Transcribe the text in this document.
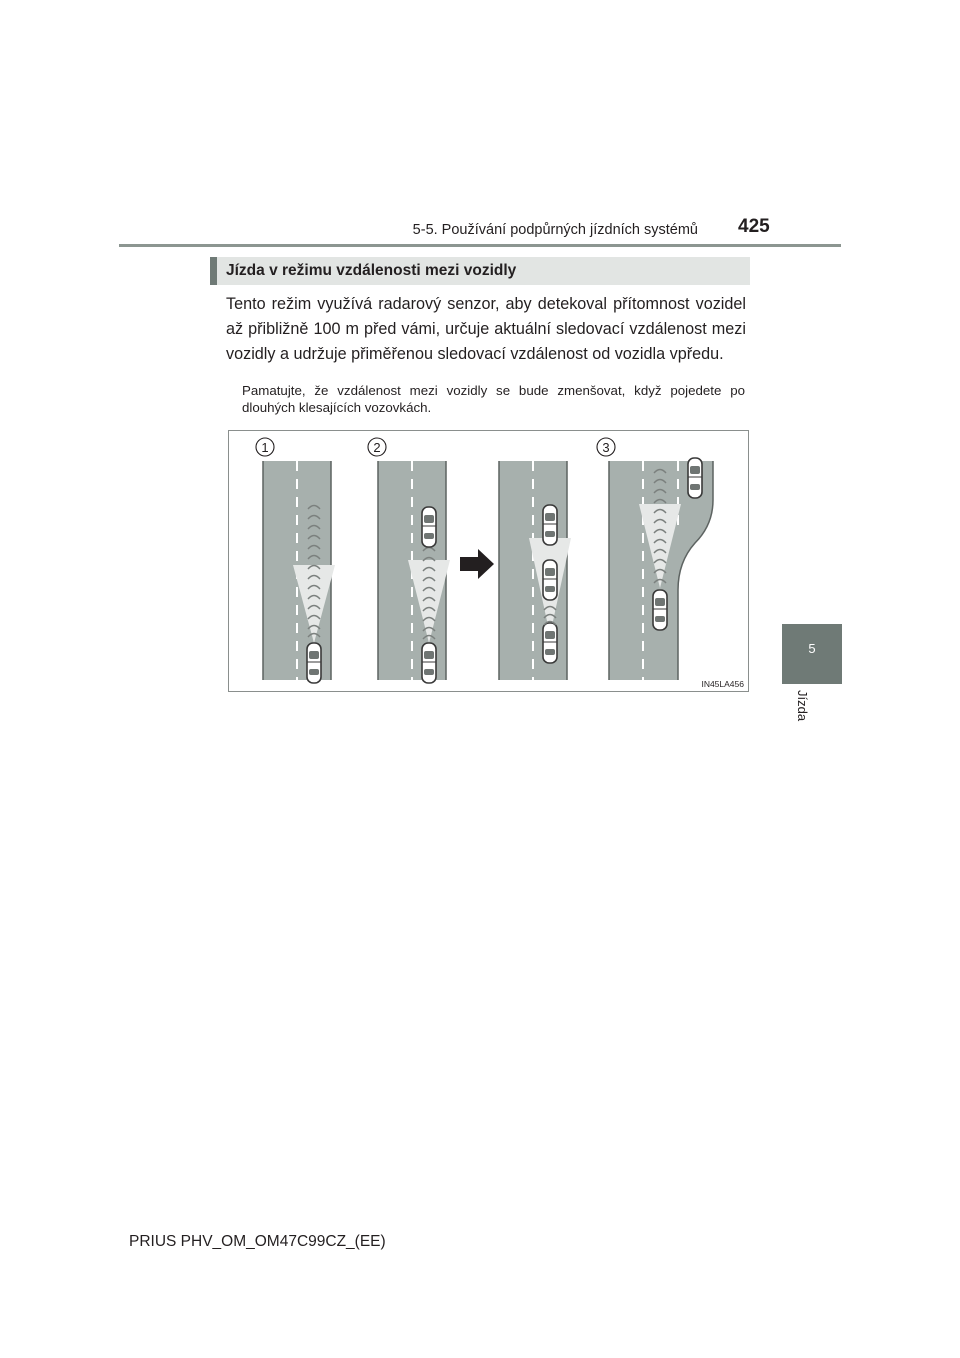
5-5. Používání podpůrných jízdních systémů 425
5
Jízda
Jízda v režimu vzdálenosti mezi vozidly
Tento režim využívá radarový senzor, aby detekoval přítomnost vozidel až přibližně 100 m před vámi, určuje aktuální sledovací vzdálenost mezi vozidly a udržuje přiměřenou sledovací vzdálenost od vozidla vpředu.
Pamatujte, že vzdálenost mezi vozidly se bude zmenšovat, když pojedete po dlouhých klesajících vozovkách.
1	2	3
IN45LA456
PRIUS PHV_OM_OM47C99CZ_(EE)
